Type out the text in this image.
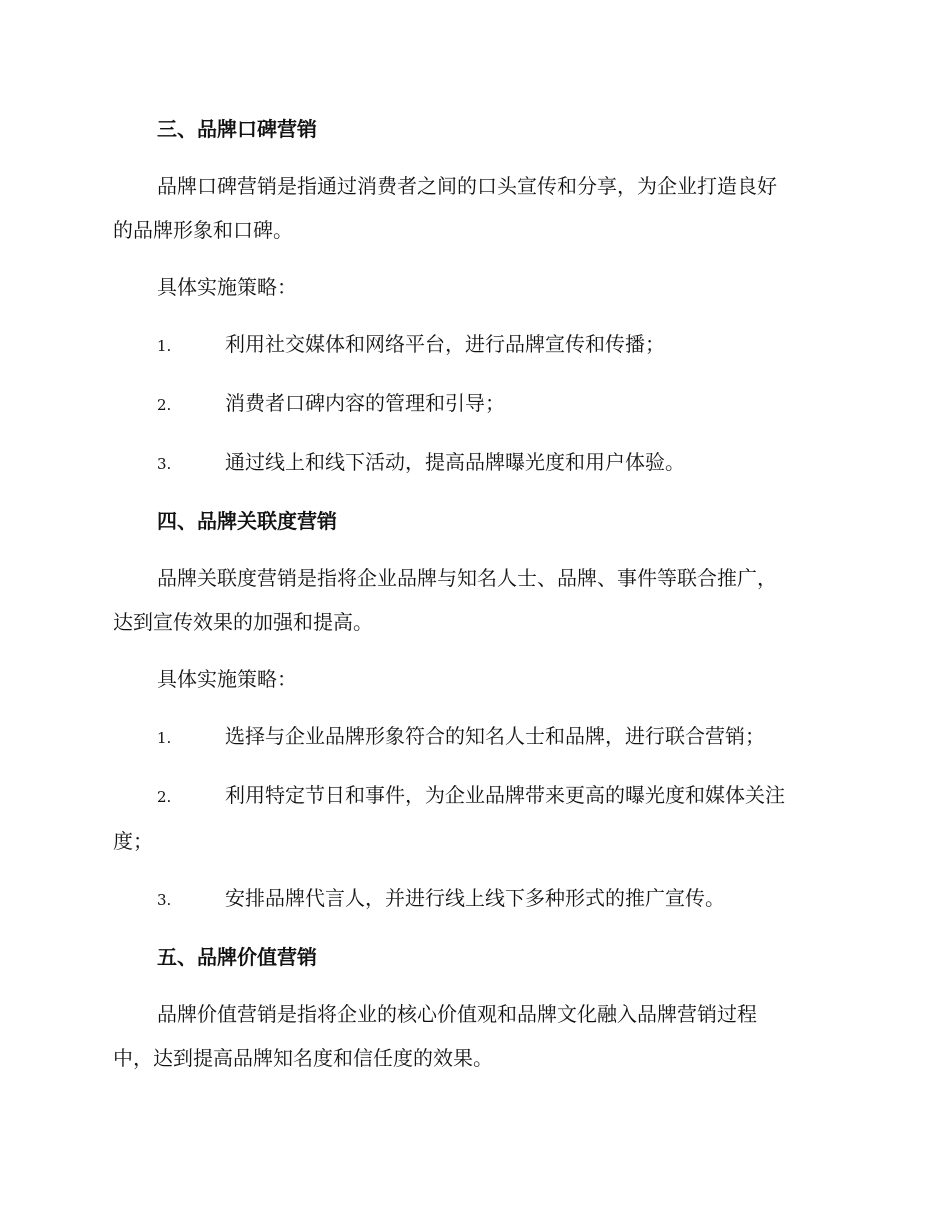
三、品牌口碑营销
品牌口碑营销是指通过消费者之间的口头宣传和分享，为企业打造良好
的品牌形象和口碑。
具体实施策略：
1.	利用社交媒体和网络平台，进行品牌宣传和传播；
2.	消费者口碑内容的管理和引导；
3.	通过线上和线下活动，提高品牌曝光度和用户体验。
四、品牌关联度营销
品牌关联度营销是指将企业品牌与知名人士、品牌、事件等联合推广，
达到宣传效果的加强和提高。
具体实施策略：
1.	选择与企业品牌形象符合的知名人士和品牌，进行联合营销；
2.	利用特定节日和事件，为企业品牌带来更高的曝光度和媒体关注
度；
3.	安排品牌代言人，并进行线上线下多种形式的推广宣传。
五、品牌价值营销
品牌价值营销是指将企业的核心价值观和品牌文化融入品牌营销过程
中，达到提高品牌知名度和信任度的效果。
